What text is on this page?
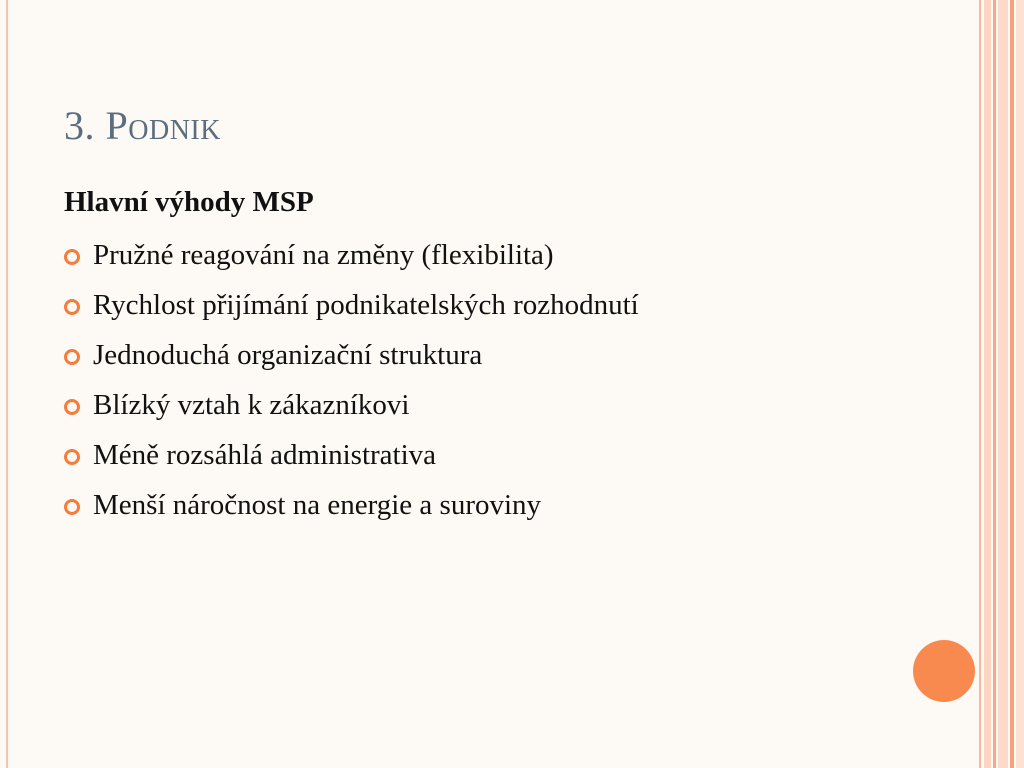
3. Podnik
Hlavní výhody MSP
Pružné reagování na změny (flexibilita)
Rychlost přijímání podnikatelských rozhodnutí
Jednoduchá organizační struktura
Blízký vztah k zákazníkovi
Méně rozsáhlá administrativa
Menší náročnost na energie a suroviny
